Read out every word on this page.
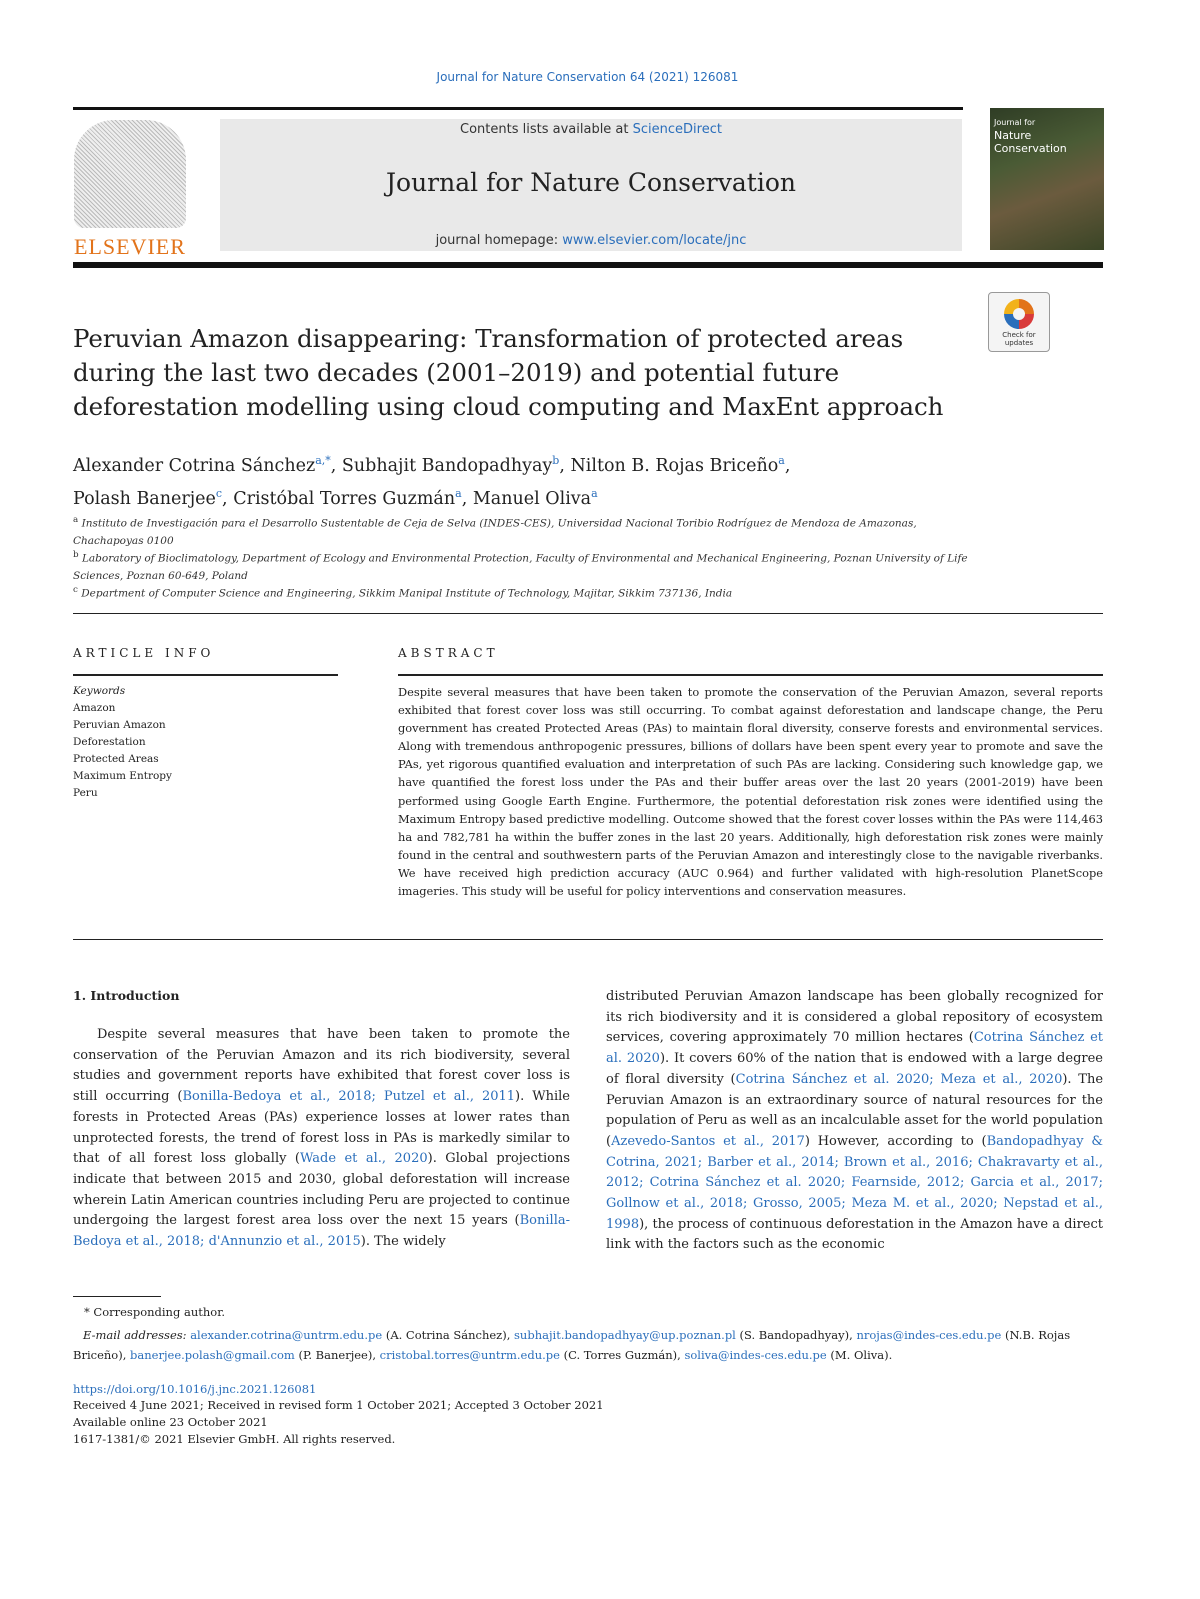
Journal for Nature Conservation 64 (2021) 126081
ELSEVIER
Contents lists available at ScienceDirect
Journal for Nature Conservation
journal homepage: www.elsevier.com/locate/jnc
Journal for
Nature Conservation
Peruvian Amazon disappearing: Transformation of protected areas during the last two decades (2001–2019) and potential future deforestation modelling using cloud computing and MaxEnt approach
Check for updates
Alexander Cotrina Sánchez$^{a,*}$, Subhajit Bandopadhyay$^b$, Nilton B. Rojas Briceño$^a$,
Polash Banerjee$^c$, Cristóbal Torres Guzmán$^a$, Manuel Oliva$^a$
$^a$ Instituto de Investigación para el Desarrollo Sustentable de Ceja de Selva (INDES-CES), Universidad Nacional Toribio Rodríguez de Mendoza de Amazonas, Chachapoyas 0100
$^b$ Laboratory of Bioclimatology, Department of Ecology and Environmental Protection, Faculty of Environmental and Mechanical Engineering, Poznan University of Life Sciences, Poznan 60-649, Poland
$^c$ Department of Computer Science and Engineering, Sikkim Manipal Institute of Technology, Majitar, Sikkim 737136, India
ARTICLE INFO	ABSTRACT
Keywords
Amazon
Peruvian Amazon
Deforestation
Protected Areas
Maximum Entropy
Peru
Despite several measures that have been taken to promote the conservation of the Peruvian Amazon, several reports exhibited that forest cover loss was still occurring. To combat against deforestation and landscape change, the Peru government has created Protected Areas (PAs) to maintain floral diversity, conserve forests and environmental services. Along with tremendous anthropogenic pressures, billions of dollars have been spent every year to promote and save the PAs, yet rigorous quantified evaluation and interpretation of such PAs are lacking. Considering such knowledge gap, we have quantified the forest loss under the PAs and their buffer areas over the last 20 years (2001-2019) have been performed using Google Earth Engine. Furthermore, the potential deforestation risk zones were identified using the Maximum Entropy based predictive modelling. Outcome showed that the forest cover losses within the PAs were 114,463 ha and 782,781 ha within the buffer zones in the last 20 years. Additionally, high deforestation risk zones were mainly found in the central and southwestern parts of the Peruvian Amazon and interestingly close to the navigable riverbanks. We have received high prediction accuracy (AUC 0.964) and further validated with high-resolution PlanetScope imageries. This study will be useful for policy interventions and conservation measures.
1. Introduction
Despite several measures that have been taken to promote the conservation of the Peruvian Amazon and its rich biodiversity, several studies and government reports have exhibited that forest cover loss is still occurring (Bonilla-Bedoya et al., 2018; Putzel et al., 2011). While forests in Protected Areas (PAs) experience losses at lower rates than unprotected forests, the trend of forest loss in PAs is markedly similar to that of all forest loss globally (Wade et al., 2020). Global projections indicate that between 2015 and 2030, global deforestation will increase wherein Latin American countries including Peru are projected to continue undergoing the largest forest area loss over the next 15 years (Bonilla-Bedoya et al., 2018; d'Annunzio et al., 2015). The widely
distributed Peruvian Amazon landscape has been globally recognized for its rich biodiversity and it is considered a global repository of ecosystem services, covering approximately 70 million hectares (Cotrina Sánchez et al. 2020). It covers 60% of the nation that is endowed with a large degree of floral diversity (Cotrina Sánchez et al. 2020; Meza et al., 2020). The Peruvian Amazon is an extraordinary source of natural resources for the population of Peru as well as an incalculable asset for the world population (Azevedo-Santos et al., 2017) However, according to (Bandopadhyay & Cotrina, 2021; Barber et al., 2014; Brown et al., 2016; Chakravarty et al., 2012; Cotrina Sánchez et al. 2020; Fearnside, 2012; Garcia et al., 2017; Gollnow et al., 2018; Grosso, 2005; Meza M. et al., 2020; Nepstad et al., 1998), the process of continuous deforestation in the Amazon have a direct link with the factors such as the economic
* Corresponding author.
E-mail addresses: alexander.cotrina@untrm.edu.pe (A. Cotrina Sánchez), subhajit.bandopadhyay@up.poznan.pl (S. Bandopadhyay), nrojas@indes-ces.edu.pe (N.B. Rojas Briceño), banerjee.polash@gmail.com (P. Banerjee), cristobal.torres@untrm.edu.pe (C. Torres Guzmán), soliva@indes-ces.edu.pe (M. Oliva).
https://doi.org/10.1016/j.jnc.2021.126081
Received 4 June 2021; Received in revised form 1 October 2021; Accepted 3 October 2021
Available online 23 October 2021
1617-1381/© 2021 Elsevier GmbH. All rights reserved.
